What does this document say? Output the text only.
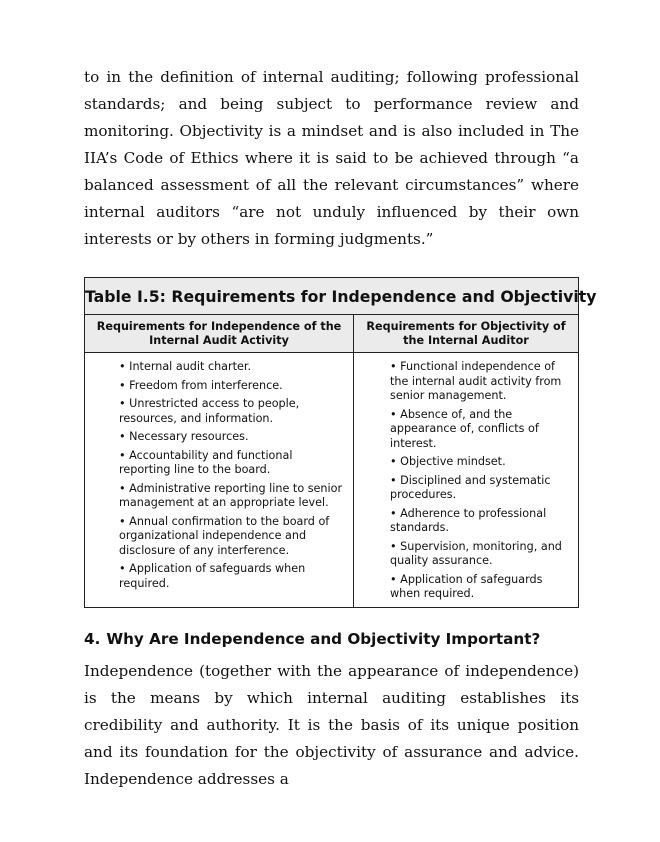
to in the definition of internal auditing; following professional standards; and being subject to performance review and monitoring. Objectivity is a mindset and is also included in The IIA’s Code of Ethics where it is said to be achieved through “a balanced assessment of all the relevant circumstances” where internal auditors “are not unduly influenced by their own interests or by others in forming judgments.”

Table I.5: Requirements for Independence and Objectivity
Requirements for Independence of the Internal Audit Activity
Requirements for Objectivity of the Internal Auditor
• Internal audit charter.
• Freedom from interference.
• Unrestricted access to people, resources, and information.
• Necessary resources.
• Accountability and functional reporting line to the board.
• Administrative reporting line to senior management at an appropriate level.
• Annual confirmation to the board of organizational independence and disclosure of any interference.
• Application of safeguards when required.
• Functional independence of the internal audit activity from senior management.
• Absence of, and the appearance of, conflicts of interest.
• Objective mindset.
• Disciplined and systematic procedures.
• Adherence to professional standards.
• Supervision, monitoring, and quality assurance.
• Application of safeguards when required.
4. Why Are Independence and Objectivity Important?

Independence (together with the appearance of independence) is the means by which internal auditing establishes its credibility and authority. It is the basis of its unique position and its foundation for the objectivity of assurance and advice. Independence addresses a
